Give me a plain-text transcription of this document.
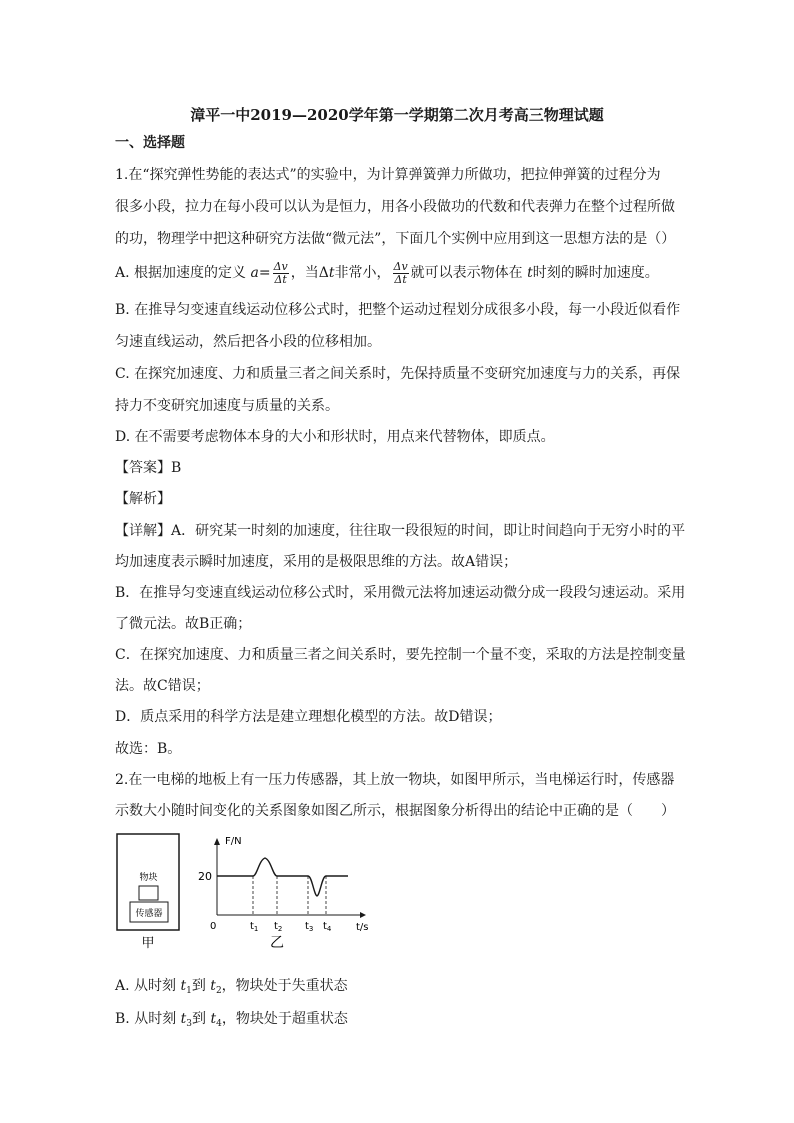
漳平一中2019—2020学年第一学期第二次月考高三物理试题
一、选择题
1.在“探究弹性势能的表达式”的实验中，为计算弹簧弹力所做功，把拉伸弹簧的过程分为
很多小段，拉力在每小段可以认为是恒力，用各小段做功的代数和代表弹力在整个过程所做
的功，物理学中把这种研究方法做“微元法”，下面几个实例中应用到这一思想方法的是（）
A. 根据加速度的定义 $a= \frac{\Delta v}{\Delta t}$ ，当Δt非常小， $\frac{\Delta v}{\Delta t}$ 就可以表示物体在 t时刻的瞬时加速度。
B. 在推导匀变速直线运动位移公式时，把整个运动过程划分成很多小段，每一小段近似看作
匀速直线运动，然后把各小段的位移相加。
C. 在探究加速度、力和质量三者之间关系时，先保持质量不变研究加速度与力的关系，再保
持力不变研究加速度与质量的关系。
D. 在不需要考虑物体本身的大小和形状时，用点来代替物体，即质点。
【答案】B
【解析】
【详解】A．研究某一时刻的加速度，往往取一段很短的时间，即让时间趋向于无穷小时的平
均加速度表示瞬时加速度，采用的是极限思维的方法。故A错误；
B．在推导匀变速直线运动位移公式时，采用微元法将加速运动微分成一段段匀速运动。采用
了微元法。故B正确；
C．在探究加速度、力和质量三者之间关系时，要先控制一个量不变，采取的方法是控制变量
法。故C错误；
D．质点采用的科学方法是建立理想化模型的方法。故D错误；
故选：B。
2.在一电梯的地板上有一压力传感器，其上放一物块，如图甲所示，当电梯运行时，传感器
示数大小随时间变化的关系图象如图乙所示，根据图象分析得出的结论中正确的是（　　）
物块
传感器
甲
F/N
t/s
0
20
$t_1$ $t_2$ $t_3$ $t_4$
乙
A. 从时刻 $t_1$到 $t_2$，物块处于失重状态
B. 从时刻 $t_3$到 $t_4$，物块处于超重状态
